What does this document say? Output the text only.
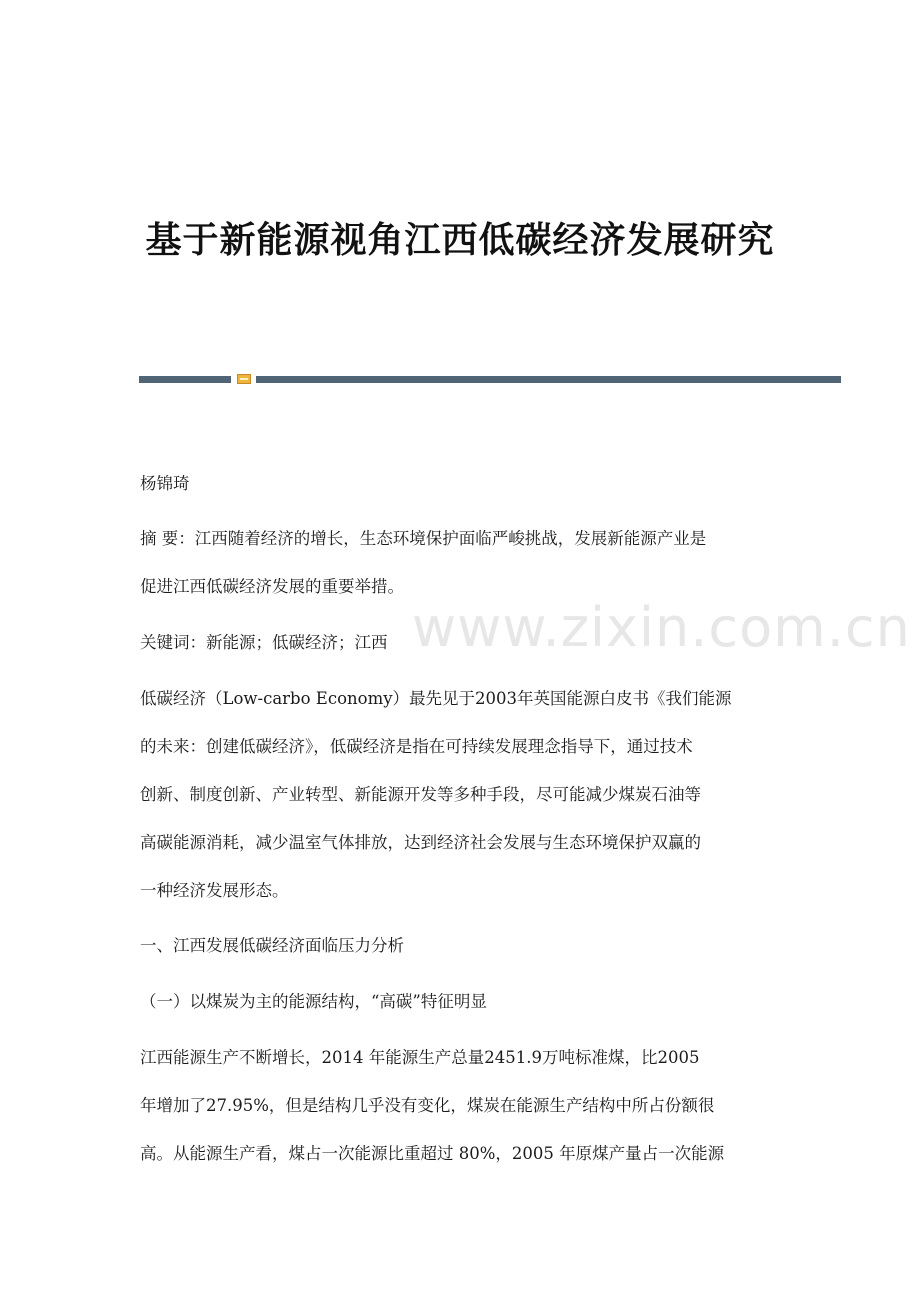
基于新能源视角江西低碳经济发展研究
www.zixin.com.cn
杨锦琦
摘 要：江西随着经济的增长，生态环境保护面临严峻挑战，发展新能源产业是
促进江西低碳经济发展的重要举措。
关键词：新能源；低碳经济；江西
低碳经济（Low-carbo Economy）最先见于2003年英国能源白皮书《我们能源
的未来：创建低碳经济》，低碳经济是指在可持续发展理念指导下，通过技术
创新、制度创新、产业转型、新能源开发等多种手段，尽可能减少煤炭石油等
高碳能源消耗，减少温室气体排放，达到经济社会发展与生态环境保护双赢的
一种经济发展形态。
一、江西发展低碳经济面临压力分析
（一）以煤炭为主的能源结构，“高碳”特征明显
江西能源生产不断增长，2014 年能源生产总量2451.9万吨标准煤，比2005
年增加了27.95%，但是结构几乎没有变化，煤炭在能源生产结构中所占份额很
高。从能源生产看，煤占一次能源比重超过 80%，2005 年原煤产量占一次能源
